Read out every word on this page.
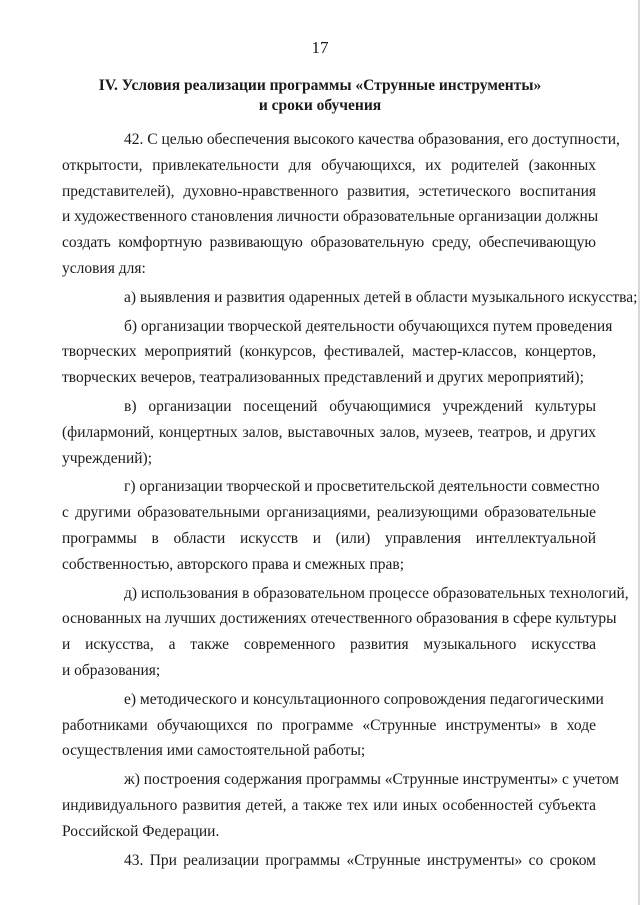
17
IV. Условия реализации программы «Струнные инструменты»
и сроки обучения
42. С целью обеспечения высокого качества образования, его доступности,
открытости, привлекательности для обучающихся, их родителей (законных
представителей), духовно-нравственного развития, эстетического воспитания
и художественного становления личности образовательные организации должны
создать комфортную развивающую образовательную среду, обеспечивающую
условия для:
а) выявления и развития одаренных детей в области музыкального искусства;
б) организации творческой деятельности обучающихся путем проведения
творческих мероприятий (конкурсов, фестивалей, мастер-классов, концертов,
творческих вечеров, театрализованных представлений и других мероприятий);
в) организации посещений обучающимися учреждений культуры
(филармоний, концертных залов, выставочных залов, музеев, театров, и других
учреждений);
г) организации творческой и просветительской деятельности совместно
с другими образовательными организациями, реализующими образовательные
программы в области искусств и (или) управления интеллектуальной
собственностью, авторского права и смежных прав;
д) использования в образовательном процессе образовательных технологий,
основанных на лучших достижениях отечественного образования в сфере культуры
и искусства, а также современного развития музыкального искусства
и образования;
е) методического и консультационного сопровождения педагогическими
работниками обучающихся по программе «Струнные инструменты» в ходе
осуществления ими самостоятельной работы;
ж) построения содержания программы «Струнные инструменты» с учетом
индивидуального развития детей, а также тех или иных особенностей субъекта
Российской Федерации.
43. При реализации программы «Струнные инструменты» со сроком
